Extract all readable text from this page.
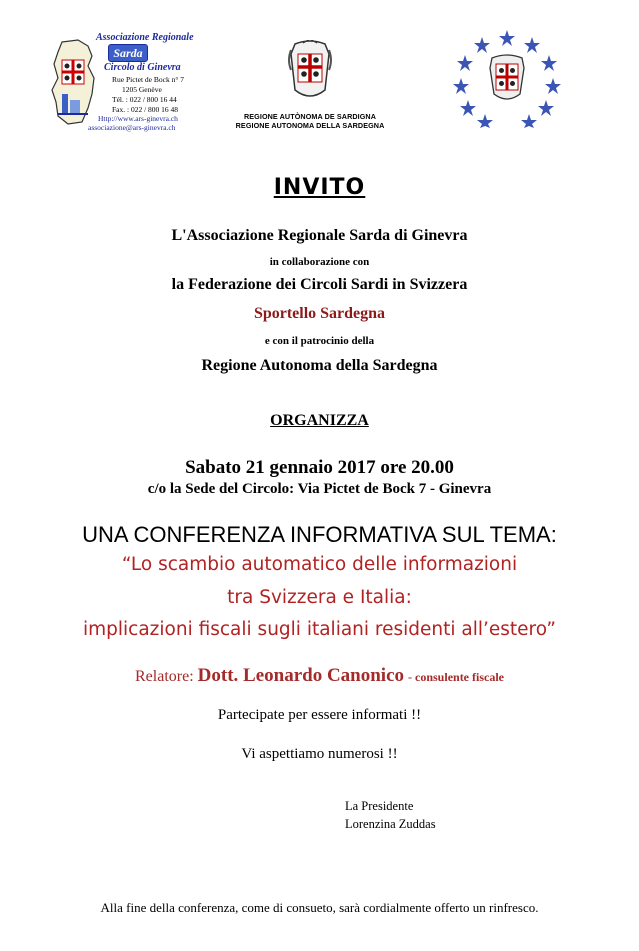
Associazione Regionale
Sarda
Circolo di Ginevra
Rue Pictet de Bock n° 7
1205 Genève
Tél. : 022 / 800 16 44
Fax. : 022 / 800 16 48
Http://www.ars-ginevra.ch
associazione@ars-ginevra.ch
REGIONE AUTÒNOMA DE SARDIGNA
REGIONE AUTONOMA DELLA SARDEGNA
INVITO
L'Associazione Regionale Sarda di Ginevra
in collaborazione con
la Federazione dei Circoli Sardi in Svizzera
Sportello Sardegna
e con il patrocinio della
Regione Autonoma della Sardegna
ORGANIZZA
Sabato 21 gennaio 2017 ore 20.00
c/o la Sede del Circolo: Via Pictet de Bock 7 - Ginevra
UNA CONFERENZA INFORMATIVA SUL TEMA:
“Lo scambio automatico delle informazioni
tra Svizzera e Italia:
implicazioni fiscali sugli italiani residenti all’estero”
Relatore: Dott. Leonardo Canonico - consulente fiscale
Partecipate per essere informati !!
Vi aspettiamo numerosi !!
La Presidente
Lorenzina Zuddas
Alla fine della conferenza, come di consueto, sarà cordialmente offerto un rinfresco.
